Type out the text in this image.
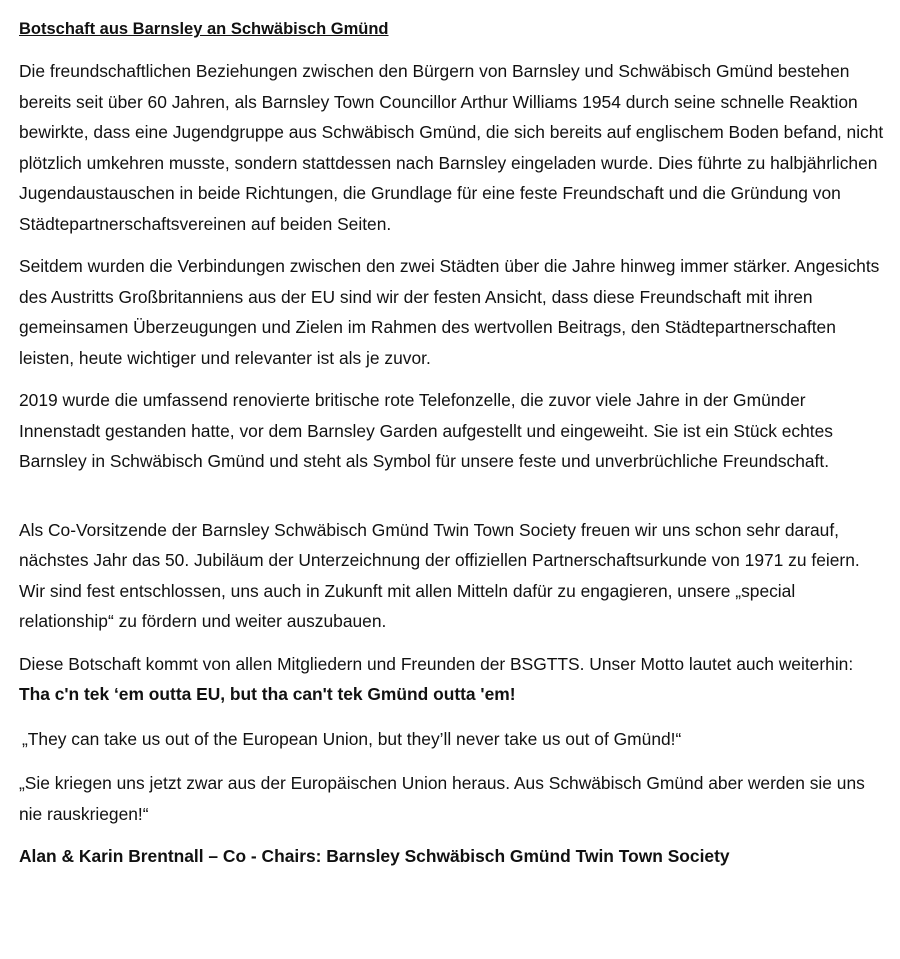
Botschaft aus Barnsley an Schwäbisch Gmünd

Die freundschaftlichen Beziehungen zwischen den Bürgern von Barnsley und Schwäbisch Gmünd bestehen bereits seit über 60 Jahren, als Barnsley Town Councillor Arthur Williams 1954 durch seine schnelle Reaktion bewirkte, dass eine Jugendgruppe aus Schwäbisch Gmünd, die sich bereits auf englischem Boden befand, nicht plötzlich umkehren musste, sondern stattdessen nach Barnsley eingeladen wurde. Dies führte zu halbjährlichen Jugendaustauschen in beide Richtungen, die Grundlage für eine feste Freundschaft und die Gründung von Städtepartnerschaftsvereinen auf beiden Seiten.

Seitdem wurden die Verbindungen zwischen den zwei Städten über die Jahre hinweg immer stärker. Angesichts des Austritts Großbritanniens aus der EU sind wir der festen Ansicht, dass diese Freundschaft mit ihren gemeinsamen Überzeugungen und Zielen im Rahmen des wertvollen Beitrags, den Städtepartnerschaften leisten, heute wichtiger und relevanter ist als je zuvor.

2019 wurde die umfassend renovierte britische rote Telefonzelle, die zuvor viele Jahre in der Gmünder Innenstadt gestanden hatte, vor dem Barnsley Garden aufgestellt und eingeweiht. Sie ist ein Stück echtes Barnsley in Schwäbisch Gmünd und steht als Symbol für unsere feste und unverbrüchliche Freundschaft.

Als Co-Vorsitzende der Barnsley Schwäbisch Gmünd Twin Town Society freuen wir uns schon sehr darauf, nächstes Jahr das 50. Jubiläum der Unterzeichnung der offiziellen Partnerschaftsurkunde von 1971 zu feiern. Wir sind fest entschlossen, uns auch in Zukunft mit allen Mitteln dafür zu engagieren, unsere „special relationship“ zu fördern und weiter auszubauen.

Diese Botschaft kommt von allen Mitgliedern und Freunden der BSGTTS. Unser Motto lautet auch weiterhin: Tha c'n tek ‘em outta EU, but tha can't tek Gmünd outta 'em!

„They can take us out of the European Union, but they’ll never take us out of Gmünd!“

„Sie kriegen uns jetzt zwar aus der Europäischen Union heraus. Aus Schwäbisch Gmünd aber werden sie uns nie rauskriegen!“

Alan & Karin Brentnall – Co - Chairs: Barnsley Schwäbisch Gmünd Twin Town Society
